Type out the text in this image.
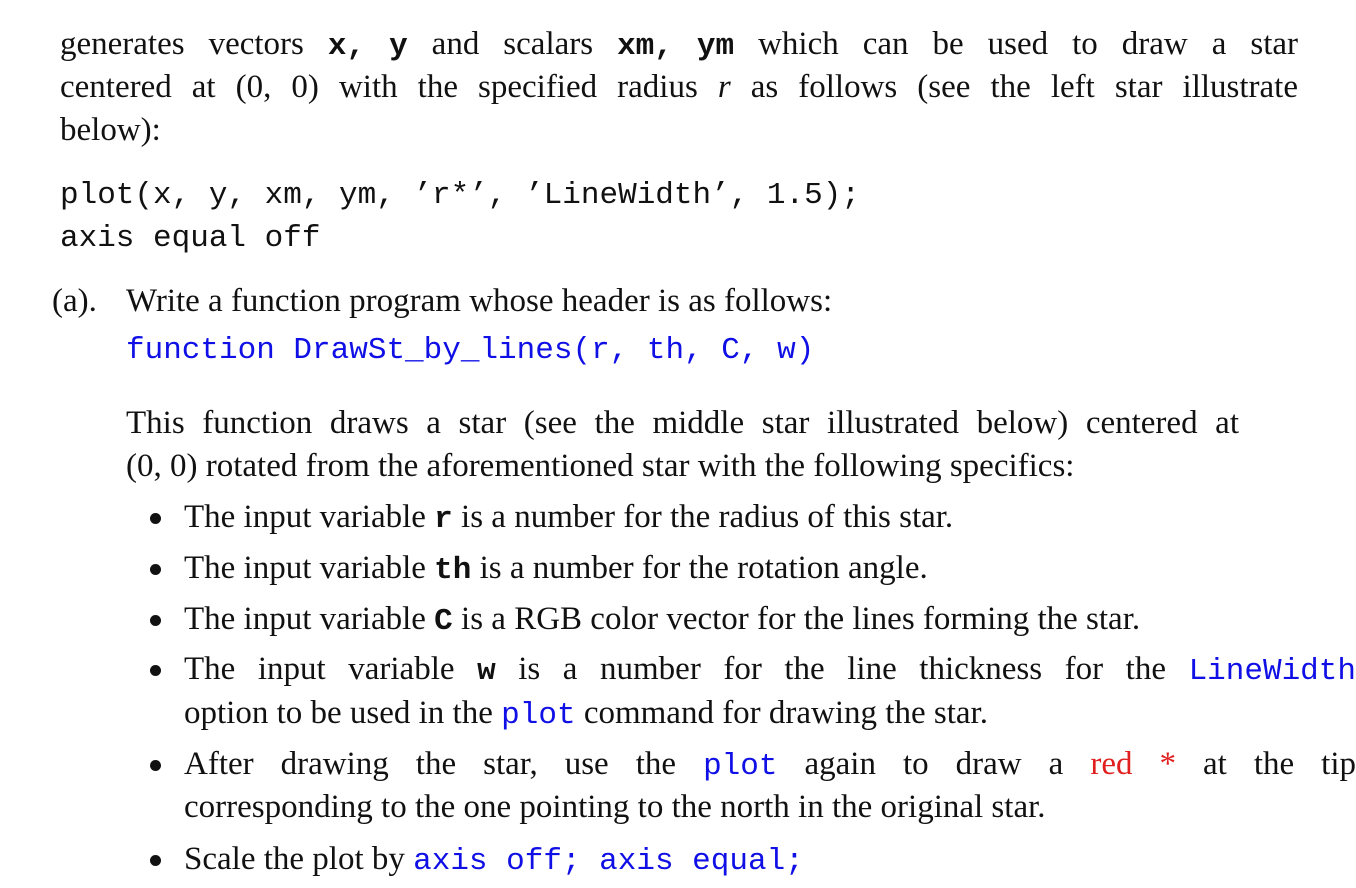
generates vectors x, y and scalars xm, ym which can be used to draw a star
centered at (0, 0) with the specified radius r as follows (see the left star illustrate
below):
plot(x, y, xm, ym, ’r*’, ’LineWidth’, 1.5);
axis equal off
(a). Write a function program whose header is as follows:
function DrawSt_by_lines(r, th, C, w)
This function draws a star (see the middle star illustrated below) centered at
(0, 0) rotated from the aforementioned star with the following specifics:
The input variable r is a number for the radius of this star.
The input variable th is a number for the rotation angle.
The input variable C is a RGB color vector for the lines forming the star.
The input variable w is a number for the line thickness for the LineWidth
option to be used in the plot command for drawing the star.
After drawing the star, use the plot again to draw a red * at the tip
corresponding to the one pointing to the north in the original star.
Scale the plot by axis off; axis equal;
